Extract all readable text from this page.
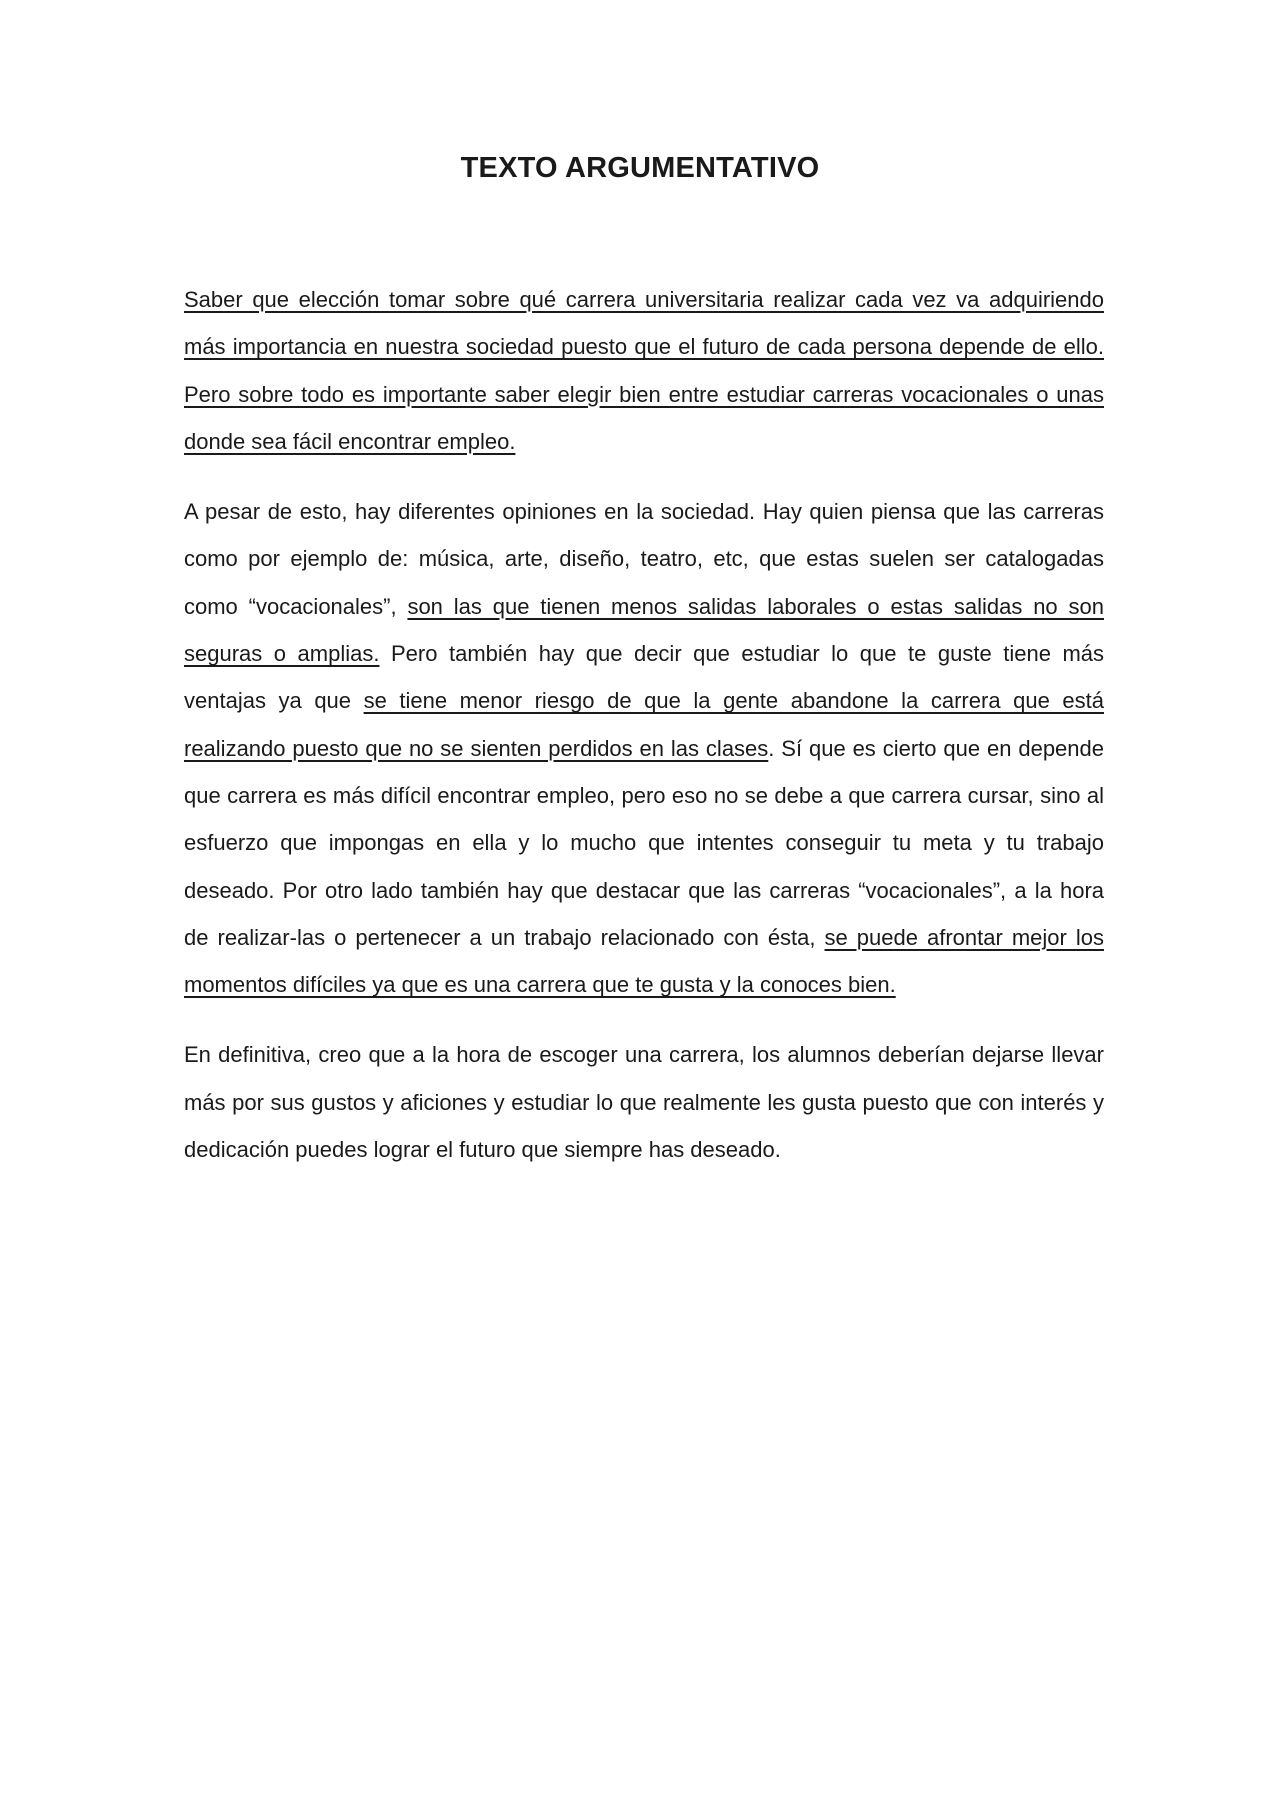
TEXTO ARGUMENTATIVO

Saber que elección tomar sobre qué carrera universitaria realizar cada vez va adquiriendo más importancia en nuestra sociedad puesto que el futuro de cada persona depende de ello. Pero sobre todo es importante saber elegir bien entre estudiar carreras vocacionales o unas donde sea fácil encontrar empleo.

A pesar de esto, hay diferentes opiniones en la sociedad. Hay quien piensa que las carreras como por ejemplo de: música, arte, diseño, teatro, etc, que estas suelen ser catalogadas como “vocacionales”, son las que tienen menos salidas laborales o estas salidas no son seguras o amplias. Pero también hay que decir que estudiar lo que te guste tiene más ventajas ya que se tiene menor riesgo de que la gente abandone la carrera que está realizando puesto que no se sienten perdidos en las clases. Sí que es cierto que en depende que carrera es más difícil encontrar empleo, pero eso no se debe a que carrera cursar, sino al esfuerzo que impongas en ella y lo mucho que intentes conseguir tu meta y tu trabajo deseado. Por otro lado también hay que destacar que las carreras “vocacionales”, a la hora de realizar-las o pertenecer a un trabajo relacionado con ésta, se puede afrontar mejor los momentos difíciles ya que es una carrera que te gusta y la conoces bien.

En definitiva, creo que a la hora de escoger una carrera, los alumnos deberían dejarse llevar más por sus gustos y aficiones y estudiar lo que realmente les gusta puesto que con interés y dedicación puedes lograr el futuro que siempre has deseado.
